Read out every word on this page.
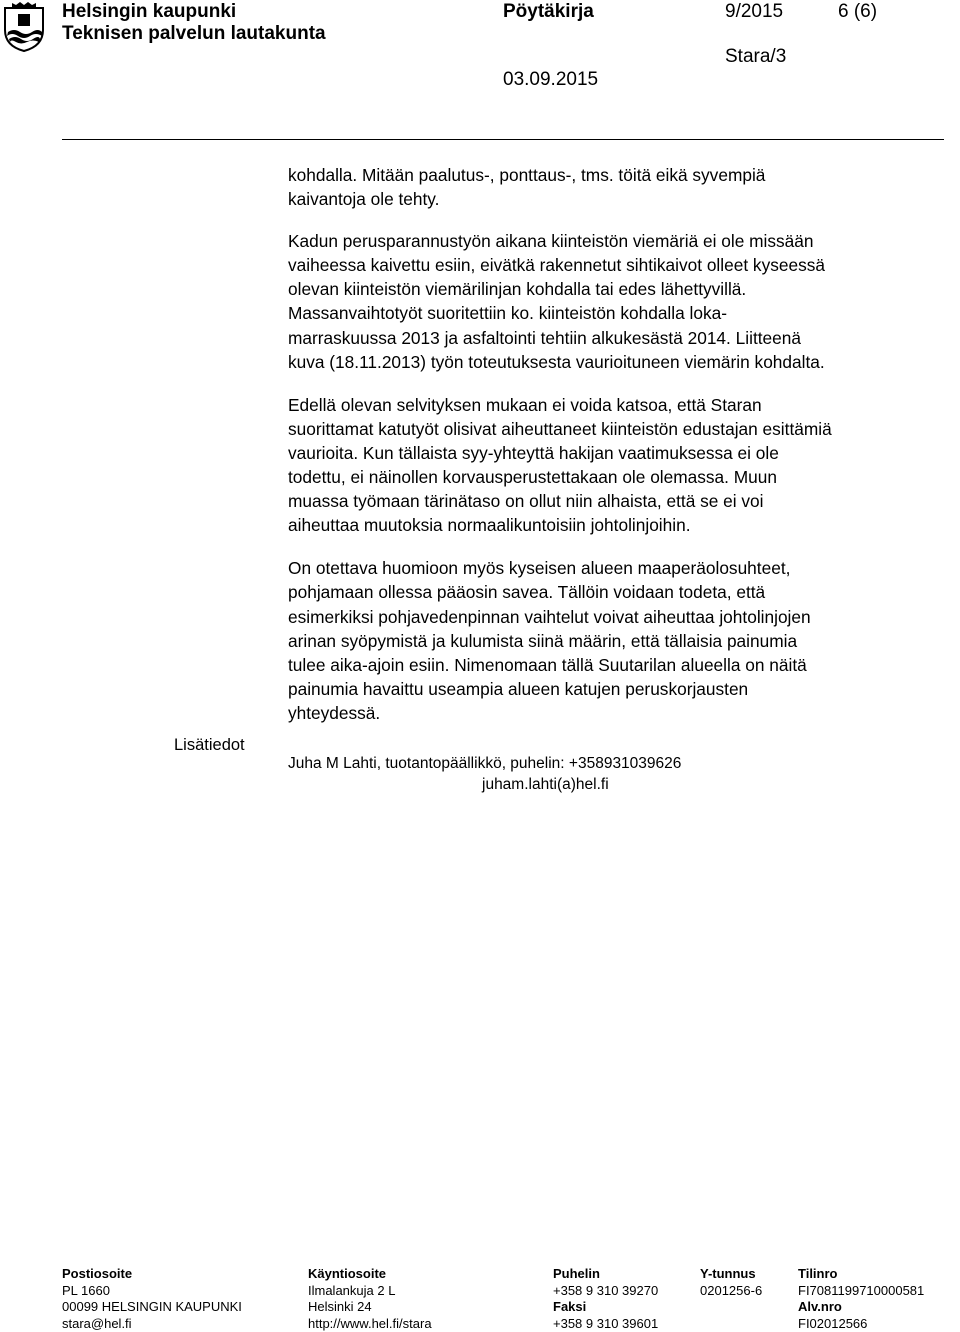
Helsingin kaupunki
Teknisen palvelun lautakunta
Pöytäkirja	9/2015	6 (6)
Stara/3
03.09.2015

kohdalla. Mitään paalutus-, ponttaus-, tms. töitä eikä syvempiä
kaivantoja ole tehty.

Kadun perusparannustyön aikana kiinteistön viemäriä ei ole missään
vaiheessa kaivettu esiin, eivätkä rakennetut sihtikaivot olleet kyseessä
olevan kiinteistön viemärilinjan kohdalla tai edes lähettyvillä.
Massanvaihtotyöt suoritettiin ko. kiinteistön kohdalla loka-
marraskuussa 2013 ja asfaltointi tehtiin alkukesästä 2014. Liitteenä
kuva (18.11.2013) työn toteutuksesta vaurioituneen viemärin kohdalta.

Edellä olevan selvityksen mukaan ei voida katsoa, että Staran
suorittamat katutyöt olisivat aiheuttaneet kiinteistön edustajan esittämiä
vaurioita. Kun tällaista syy-yhteyttä hakijan vaatimuksessa ei ole
todettu, ei näinollen korvausperustettakaan ole olemassa. Muun
muassa työmaan tärinätaso on ollut niin alhaista, että se ei voi
aiheuttaa muutoksia normaalikuntoisiin johtolinjoihin.

On otettava huomioon myös kyseisen alueen maaperäolosuhteet,
pohjamaan ollessa pääosin savea. Tällöin voidaan todeta, että
esimerkiksi pohjavedenpinnan vaihtelut voivat aiheuttaa johtolinjojen
arinan syöpymistä ja kulumista siinä määrin, että tällaisia painumia
tulee aika-ajoin esiin. Nimenomaan tällä Suutarilan alueella on näitä
painumia havaittu useampia alueen katujen peruskorjausten
yhteydessä.

Lisätiedot
Juha M Lahti, tuotantopäällikkö, puhelin: +358931039626
juham.lahti(a)hel.fi
Postiosoite
PL 1660
00099 HELSINGIN KAUPUNKI
stara@hel.fi
Käyntiosoite
Ilmalankuja 2 L
Helsinki 24
http://www.hel.fi/stara
Puhelin
+358 9 310 39270
Faksi
+358 9 310 39601
Y-tunnus
0201256-6
Tilinro
FI7081199710000581
Alv.nro
FI02012566
